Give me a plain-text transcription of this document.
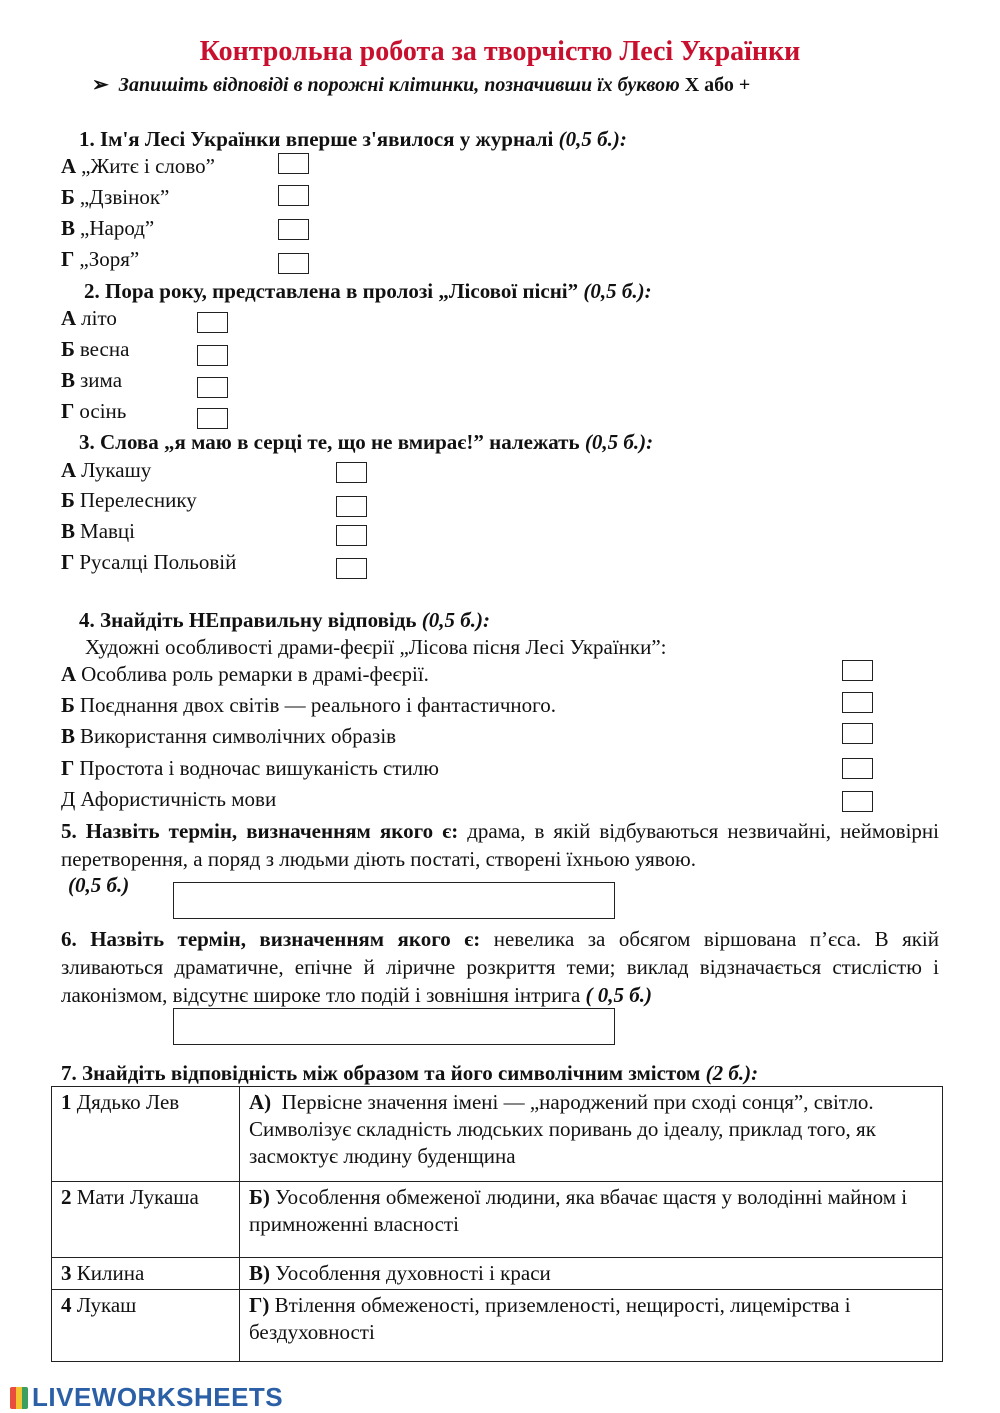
Контрольна робота за творчістю Лесі Українки
➢ Запишіть відповіді в порожні клітинки, позначивши їх буквою Х або +
1. Ім'я Лесі Українки вперше з'явилося у журналі (0,5 б.):
А „Житє і слово”
Б „Дзвінок”
В „Народ”
Г „Зоря”
2. Пора року, представлена в пролозі „Лісової пісні” (0,5 б.):
А літо
Б весна
В зима
Г осінь
3. Слова „я маю в серці те, що не вмирає!” належать (0,5 б.):
А Лукашу
Б Перелеснику
В Мавці
Г Русалці Польовій
4. Знайдіть НЕправильну відповідь (0,5 б.):
Художні особливості драми-феєрії „Лісова пісня Лесі Українки”:
А Особлива роль ремарки в драмі-феєрії.
Б Поєднання двох світів — реального і фантастичного.
В Використання символічних образів
Г Простота і водночас вишуканість стилю
Д Афористичність мови
5. Назвіть термін, визначенням якого є: драма, в якій відбуваються незвичайні, неймовірні перетворення, а поряд з людьми діють постаті, створені їхньою уявою.
(0,5 б.)
6. Назвіть термін, визначенням якого є: невелика за обсягом віршована п’єса. В якій зливаються драматичне, епічне й ліричне розкриття теми; виклад відзначається стислістю і лаконізмом, відсутнє широке тло подій і зовнішня інтрига ( 0,5 б.)
7. Знайдіть відповідність між образом та його символічним змістом (2 б.):
1 Дядько Лев	А) Первісне значення імені — „народжений при сході сонця”, світло. Символізує складність людських поривань до ідеалу, приклад того, як засмоктує людину буденщина
2 Мати Лукаша	Б) Уособлення обмеженої людини, яка вбачає щастя у володінні майном і примноженні власності
3 Килина	В) Уособлення духовності і краси
4 Лукаш	Г) Втілення обмеженості, приземленості, нещирості, лицемірства і бездуховності
LIVEWORKSHEETS
